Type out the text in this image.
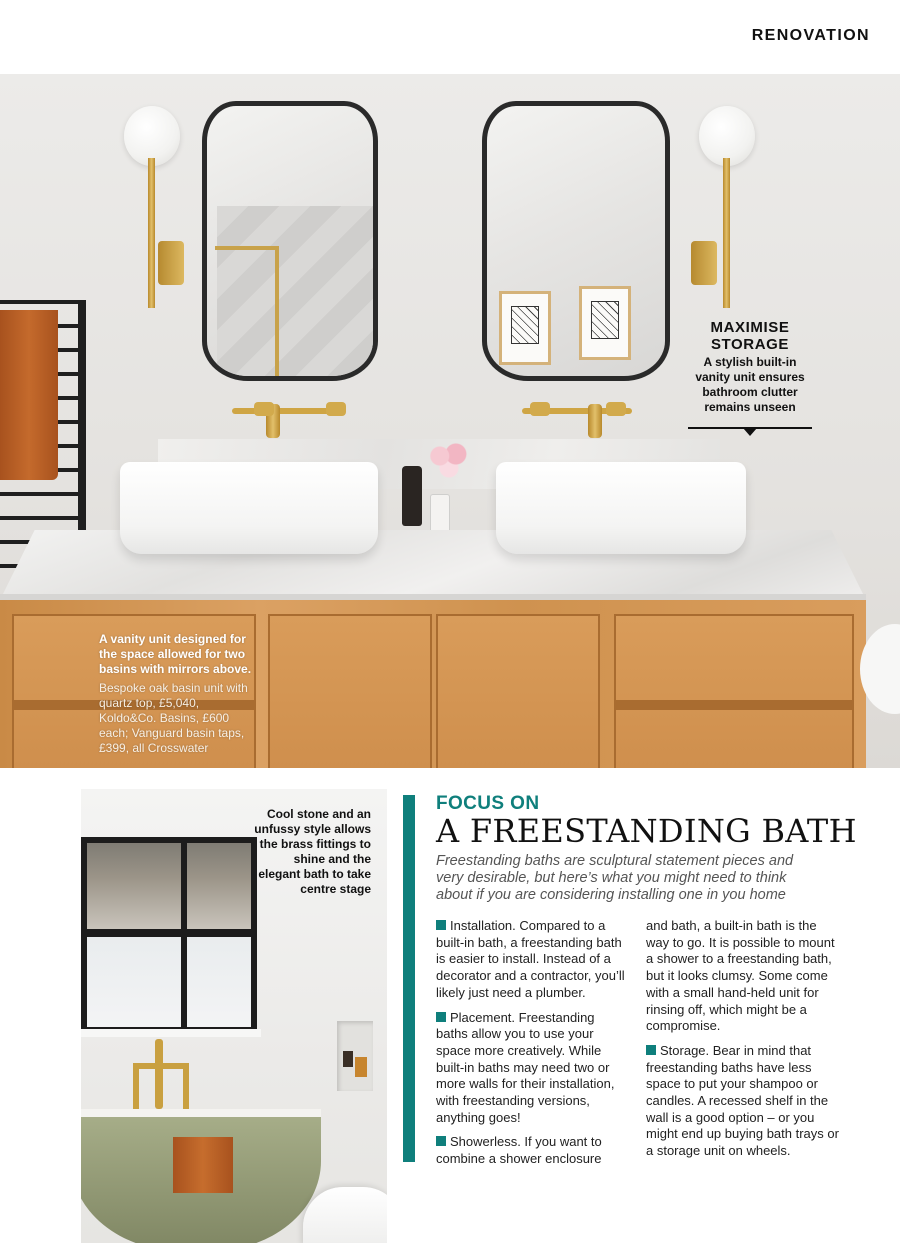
RENOVATION
MAXIMISE STORAGE
A stylish built-in vanity unit ensures bathroom clutter remains unseen
A vanity unit designed for the space allowed for two basins with mirrors above.
Bespoke oak basin unit with quartz top, £5,040, Koldo&Co. Basins, £600 each; Vanguard basin taps, £399, all Crosswater
Cool stone and an unfussy style allows the brass fittings to shine and the elegant bath to take centre stage
FOCUS ON
A FREESTANDING BATH
Freestanding baths are sculptural statement pieces and very desirable, but here’s what you might need to think about if you are considering installing one in you home

Installation. Compared to a built-in bath, a freestanding bath is easier to install. Instead of a decorator and a contractor, you’ll likely just need a plumber.

Placement. Freestanding baths allow you to use your space more creatively. While built-in baths may need two or more walls for their installation, with freestanding versions, anything goes!

Showerless. If you want to combine a shower enclosure

and bath, a built-in bath is the way to go. It is possible to mount a shower to a freestanding bath, but it looks clumsy. Some come with a small hand-held unit for rinsing off, which might be a compromise.

Storage. Bear in mind that freestanding baths have less space to put your shampoo or candles. A recessed shelf in the wall is a good option – or you might end up buying bath trays or a storage unit on wheels.
